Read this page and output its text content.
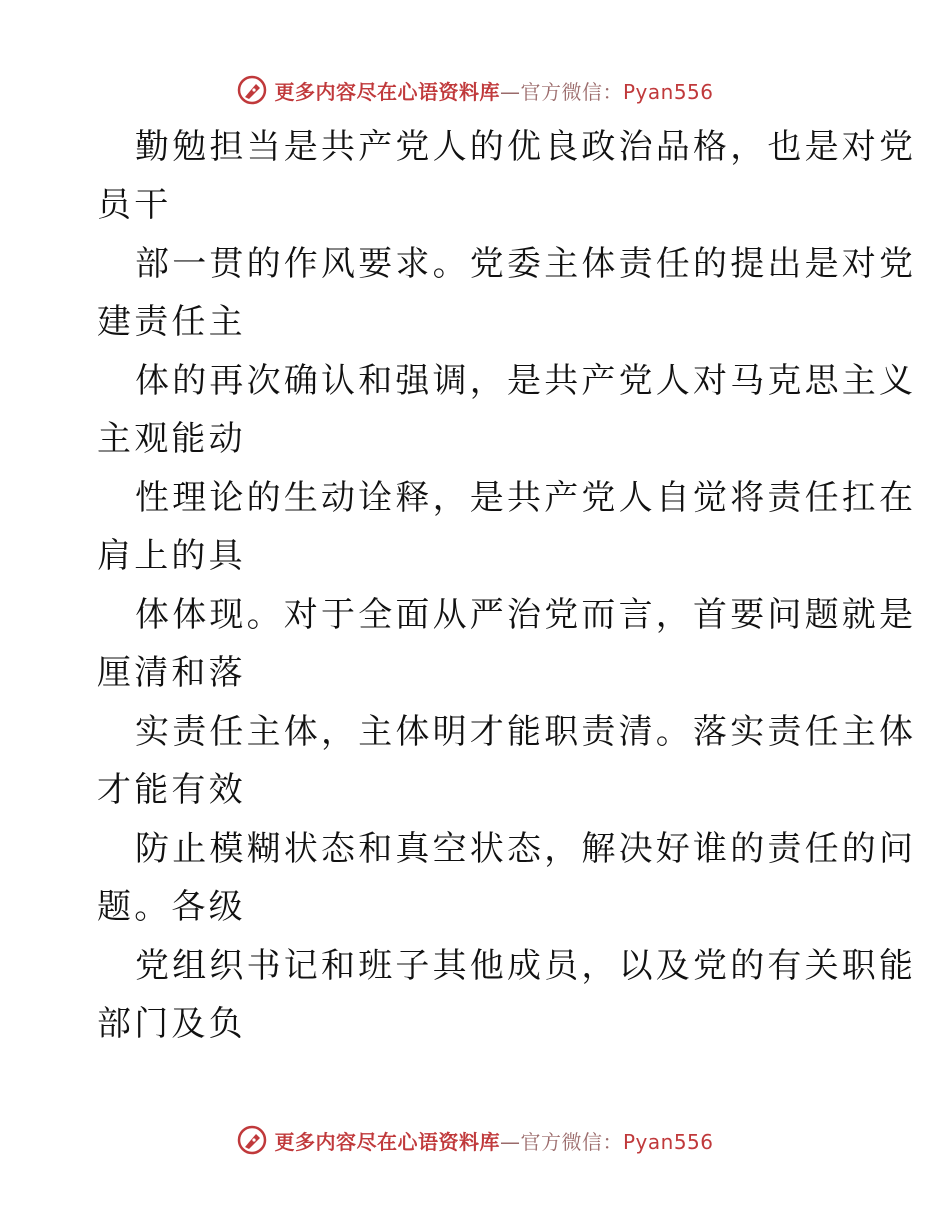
更多内容尽在心语资料库—官方微信：Pyan556

勤勉担当是共产党人的优良政治品格，也是对党
员干

部一贯的作风要求。党委主体责任的提出是对党
建责任主

体的再次确认和强调，是共产党人对马克思主义
主观能动

性理论的生动诠释，是共产党人自觉将责任扛在
肩上的具

体体现。对于全面从严治党而言，首要问题就是
厘清和落

实责任主体，主体明才能职责清。落实责任主体
才能有效

防止模糊状态和真空状态，解决好谁的责任的问
题。各级

党组织书记和班子其他成员，以及党的有关职能
部门及负

更多内容尽在心语资料库—官方微信：Pyan556
